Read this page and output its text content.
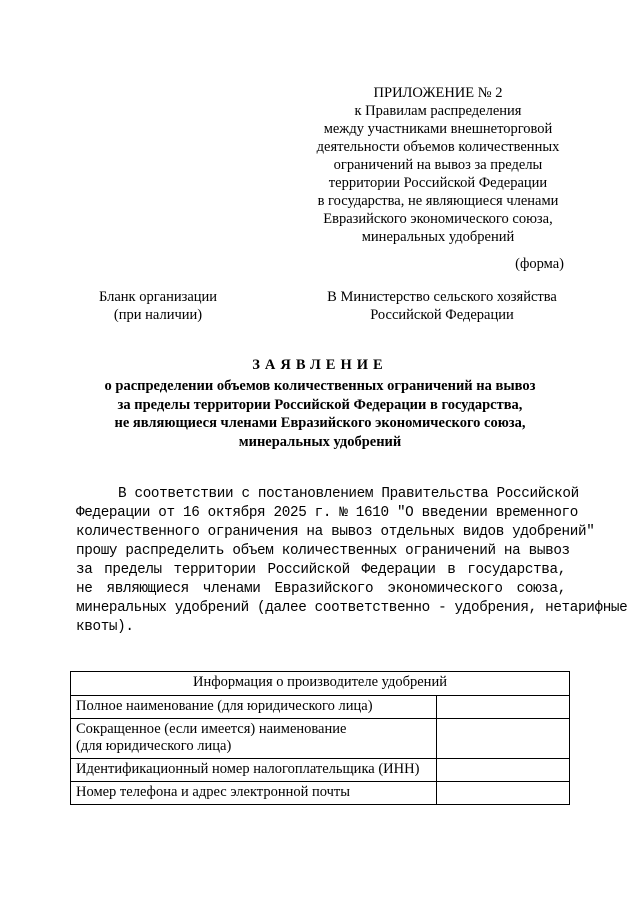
ПРИЛОЖЕНИЕ № 2
к Правилам распределения
между участниками внешнеторговой
деятельности объемов количественных
ограничений на вывоз за пределы
территории Российской Федерации
в государства, не являющиеся членами
Евразийского экономического союза,
минеральных удобрений
(форма)
Бланк организации
(при наличии)
В Министерство сельского хозяйства
Российской Федерации
ЗАЯВЛЕНИЕ
о распределении объемов количественных ограничений на вывоз
за пределы территории Российской Федерации в государства,
не являющиеся членами Евразийского экономического союза,
минеральных удобрений
В соответствии с постановлением Правительства Российской
Федерации от 16 октября 2025 г. № 1610 "О введении временного
количественного ограничения на вывоз отдельных видов удобрений"
прошу распределить объем количественных ограничений на вывоз
за пределы территории Российской Федерации в государства,
не являющиеся членами Евразийского экономического союза,
минеральных удобрений (далее соответственно - удобрения, нетарифные
квоты).
Информация о производителе удобрений	
Полное наименование (для юридического лица)	

Сокращенное (если имеется) наименование
(для юридического лица)	

Идентификационный номер налогоплательщика (ИНН)	
Номер телефона и адрес электронной почты	
